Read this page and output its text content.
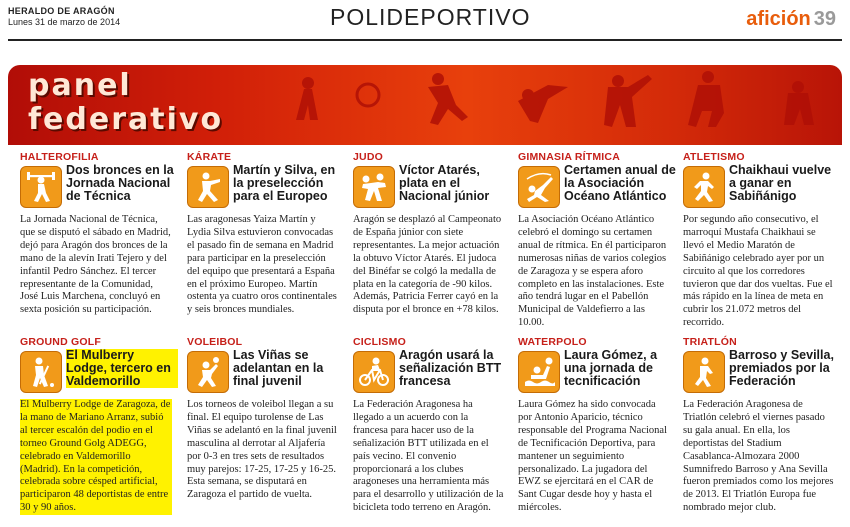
HERALDO DE ARAGÓN
Lunes 31 de marzo de 2014	POLIDEPORTIVO	afición 39
panel
federativo
HALTEROFILIA
Dos bronces en la Jornada Nacional de Técnica
La Jornada Nacional de Técnica, que se disputó el sábado en Madrid, dejó para Aragón dos bronces de la mano de la alevín Irati Tejero y del infantil Pedro Sánchez. El tercer representante de la Comunidad, José Luis Marchena, concluyó en sexta posición su participación.
KÁRATE
Martín y Silva, en la preselección para el Europeo
Las aragonesas Yaiza Martín y Lydia Silva estuvieron convocadas el pasado fin de semana en Madrid para participar en la preselección del equipo que presentará a España en el próximo Europeo. Martín ostenta ya cuatro oros continentales y seis bronces mundiales.
JUDO
Víctor Atarés, plata en el Nacional júnior
Aragón se desplazó al Campeonato de España júnior con siete representantes. La mejor actuación la obtuvo Víctor Atarés. El judoca del Binéfar se colgó la medalla de plata en la categoría de -90 kilos. Además, Patricia Ferrer cayó en la disputa por el bronce en +78 kilos.
GIMNASIA RÍTMICA
Certamen anual de la Asociación Océano Atlántico
La Asociación Océano Atlántico celebró el domingo su certamen anual de rítmica. En él participaron numerosas niñas de varios colegios de Zaragoza y se espera aforo completo en las instalaciones. Este año tendrá lugar en el Pabellón Municipal de Valdefierro a las 10.00.
ATLETISMO
Chaikhaui vuelve a ganar en Sabiñánigo
Por segundo año consecutivo, el marroquí Mustafa Chaikhaui se llevó el Medio Maratón de Sabiñánigo celebrado ayer por un circuito al que los corredores tuvieron que dar dos vueltas. Fue el más rápido en la línea de meta en cubrir los 21.072 metros del recorrido.
GROUND GOLF
El Mulberry Lodge, tercero en Valdemorillo
El Mulberry Lodge de Zaragoza, de la mano de Mariano Arranz, subió al tercer escalón del podio en el torneo Ground Golg ADEGG, celebrado en Valdemorillo (Madrid). En la competición, celebrada sobre césped artificial, participaron 48 deportistas de entre 30 y 90 años.
VOLEIBOL
Las Viñas se adelantan en la final juvenil
Los torneos de voleibol llegan a su final. El equipo turolense de Las Viñas se adelantó en la final juvenil masculina al derrotar al Aljafería por 0-3 en tres sets de resultados muy parejos: 17-25, 17-25 y 16-25. Esta semana, se disputará en Zaragoza el partido de vuelta.
CICLISMO
Aragón usará la señalización BTT francesa
La Federación Aragonesa ha llegado a un acuerdo con la francesa para hacer uso de la señalización BTT utilizada en el país vecino. El convenio proporcionará a los clubes aragoneses una herramienta más para el desarrollo y utilización de la bicicleta todo terreno en Aragón.
WATERPOLO
Laura Gómez, a una jornada de tecnificación
Laura Gómez ha sido convocada por Antonio Aparicio, técnico responsable del Programa Nacional de Tecnificación Deportiva, para mantener un seguimiento personalizado. La jugadora del EWZ se ejercitará en el CAR de Sant Cugar desde hoy y hasta el miércoles.
TRIATLÓN
Barroso y Sevilla, premiados por la Federación
La Federación Aragonesa de Triatlón celebró el viernes pasado su gala anual. En ella, los deportistas del Stadium Casablanca-Almozara 2000 Sumnifredo Barroso y Ana Sevilla fueron premiados como los mejores de 2013. El Triatlón Europa fue nombrado mejor club.
